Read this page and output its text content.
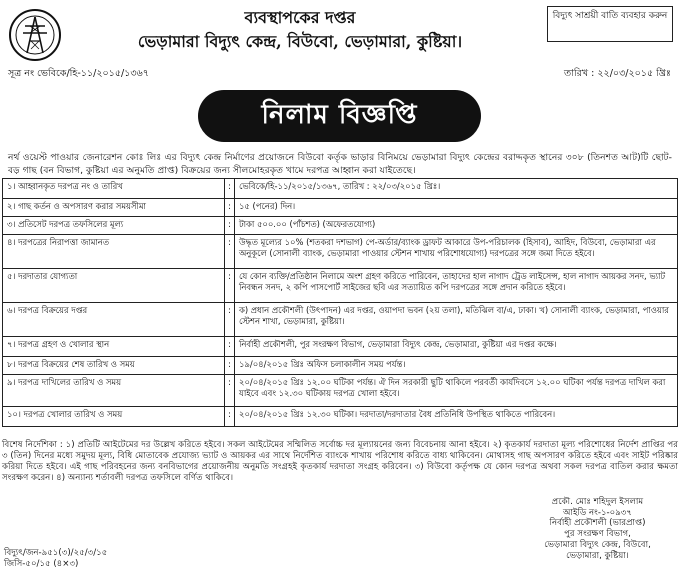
ব্যবস্থাপকের দপ্তর
ভেড়ামারা বিদ্যুৎ কেন্দ্র, বিউবো, ভেড়ামারা, কুষ্টিয়া।
বিদ্যুৎ সাশ্রয়ী বাতি ব্যবহার করুন
সূত্র নং ভেবিকে/হি-১১/২০১৫/১৩৬৭	তারিখ : ২২/০৩/২০১৫ খ্রিঃ
নিলাম বিজ্ঞপ্তি
নর্থ ওয়েস্ট পাওয়ার জেনারেশন কোঃ লিঃ এর বিদ্যুৎ কেন্দ্র নির্মাণের প্রয়োজনে বিউবো কর্তৃক ভাড়ার বিনিময়ে ভেড়ামারা বিদ্যুৎ কেন্দ্রের বরাদ্দকৃত স্থানের ৩০৮ (তিনশত আট)টি ছোট-বড় গাছ (বন বিভাগ, কুষ্টিয়া এর অনুমতি প্রাপ্ত) বিক্রয়ের জন্য সীলমোহরকৃত খামে দরপত্র আহ্বান করা যাইতেছে।
১। আহ্বানকৃত দরপত্র নং ও তারিখ	:	ভেবিকে/হি-১১/২০১৫/১৩৬৭, তারিখ : ২২/০৩/২০১৫ খ্রিঃ।
২। গাছ কর্তন ও অপসারণ করার সময়সীমা	:	১৫ (পনের) দিন।
৩। প্রতিসেট দরপত্র তফসিলের মূল্য	:	টাকা ৫০০.০০ (পাঁচশত) (অফেরতযোগ্য)
৪। দরপত্রের নিরাপত্তা জামানত	:	উদ্ধৃত মূল্যের ১০% (শতকরা দশভাগ) পে-অর্ডার/ব্যাংক ড্রাফট আকারে উপ-পরিচালক (হিসাব), আহিদ, বিউবো, ভেড়ামারা এর অনুকূলে (সোনালী ব্যাংক, ভেড়ামারা পাওয়ার স্টেশন শাখায় পরিশোধযোগ্য) দরপত্রের সঙ্গে জমা দিতে হইবে।
৫। দরদাতার যোগ্যতা	:	যে কোন ব্যক্তি/প্রতিষ্ঠান নিলামে অংশ গ্রহণ করিতে পারিবেন, তাহাদের হাল নাগাদ ট্রেড লাইসেন্স, হাল নাগাদ আয়কর সনদ, ভ্যাট নিবন্ধন সনদ, ২ কপি পাসপোর্ট সাইজের ছবি এর সত্যায়িত কপি দরপত্রের সঙ্গে প্রদান করিতে হইবে।
৬। দরপত্র বিক্রয়ের দপ্তর	:	ক) প্রধান প্রকৌশলী (উৎপাদন) এর দপ্তর, ওয়াপদা ভবন (২য় তলা), মতিঝিল বা/এ, ঢাকা। খ) সোনালী ব্যাংক, ভেড়ামারা, পাওয়ার স্টেশন শাখা, ভেড়ামারা, কুষ্টিয়া।
৭। দরপত্র গ্রহণ ও খোলার স্থান	:	নির্বাহী প্রকৌশলী, পুর সংরক্ষণ বিভাগ, ভেড়ামারা বিদ্যুৎ কেন্দ্র, ভেড়ামারা, কুষ্টিয়া এর দপ্তর কক্ষে।
৮। দরপত্র বিক্রয়ের শেষ তারিখ ও সময়	:	১৯/০৪/২০১৫ খ্রিঃ অফিস চলাকালীন সময় পর্যন্ত।
৯। দরপত্র দাখিলের তারিখ ও সময়	:	২০/০৪/২০১৫ খ্রিঃ ১২.০০ ঘটিকা পর্যন্ত। ঐ দিন সরকারী ছুটি থাকিলে পরবর্তী কার্যদিবসে ১২.০০ ঘটিকা পর্যন্ত দরপত্র দাখিল করা যাইবে এবং ১২.৩০ ঘটিকায় দরপত্র খোলা হইবে।
১০। দরপত্র খোলার তারিখ ও সময়	:	২০/০৪/২০১৫ খ্রিঃ ১২.৩০ ঘটিকা। দরদাতা/দরদাতার বৈধ প্রতিনিধি উপস্থিত থাকিতে পারিবেন।
বিশেষ নির্দেশিকা : ১) প্রতিটি আইটেমের দর উল্লেখ করিতে হইবে। সকল আইটেমের সম্মিলিত সর্বোচ্চ দর মূল্যায়নের জন্য বিবেচনায় আনা হইবে। ২) কৃতকার্য দরদাতা মূল্য পরিশোধের নির্দেশ প্রাপ্তির পর ৩ (তিন) দিনের মধ্যে সমুদয় মূল্য, বিধি মোতাবেক প্রযোজ্য ভ্যাট ও আয়কর এর সাথে নির্দেশিত ব্যাংকে শাখায় পরিশোধ করিতে বাধ্য থাকিবেন। মোথাসহ গাছ অপসারণ করিতে হইবে এবং সাইট পরিষ্কার করিয়া দিতে হইবে। এই গাছ পরিবহনের জন্য বনবিভাগের প্রয়োজনীয় অনুমতি সংগ্রহই কৃতকার্য দরদাতা সংগ্রহ করিবেন। ৩) বিউবো কর্তৃপক্ষ যে কোন দরপত্র অথবা সকল দরপত্র বাতিল করার ক্ষমতা সংরক্ষণ করেন। ৪) অন্যান্য শর্তাবলী দরপত্র তফসিলে বর্ণিত থাকিবে।
প্রকৌ. মোঃ শহিদুল ইসলাম
আইডি নং-১-০৯৩৭
নির্বাহী প্রকৌশলী (ভারপ্রাপ্ত)
পুর সংরক্ষণ বিভাগ,
ভেড়ামারা বিদ্যুৎ কেন্দ্র, বিউবো,
ভেড়ামারা, কুষ্টিয়া।
বিদ্যুৎ/জন-৯৫১(৩)/২৫/৩/১৫
জিসি-৫০/১৫ (৪×৩)
